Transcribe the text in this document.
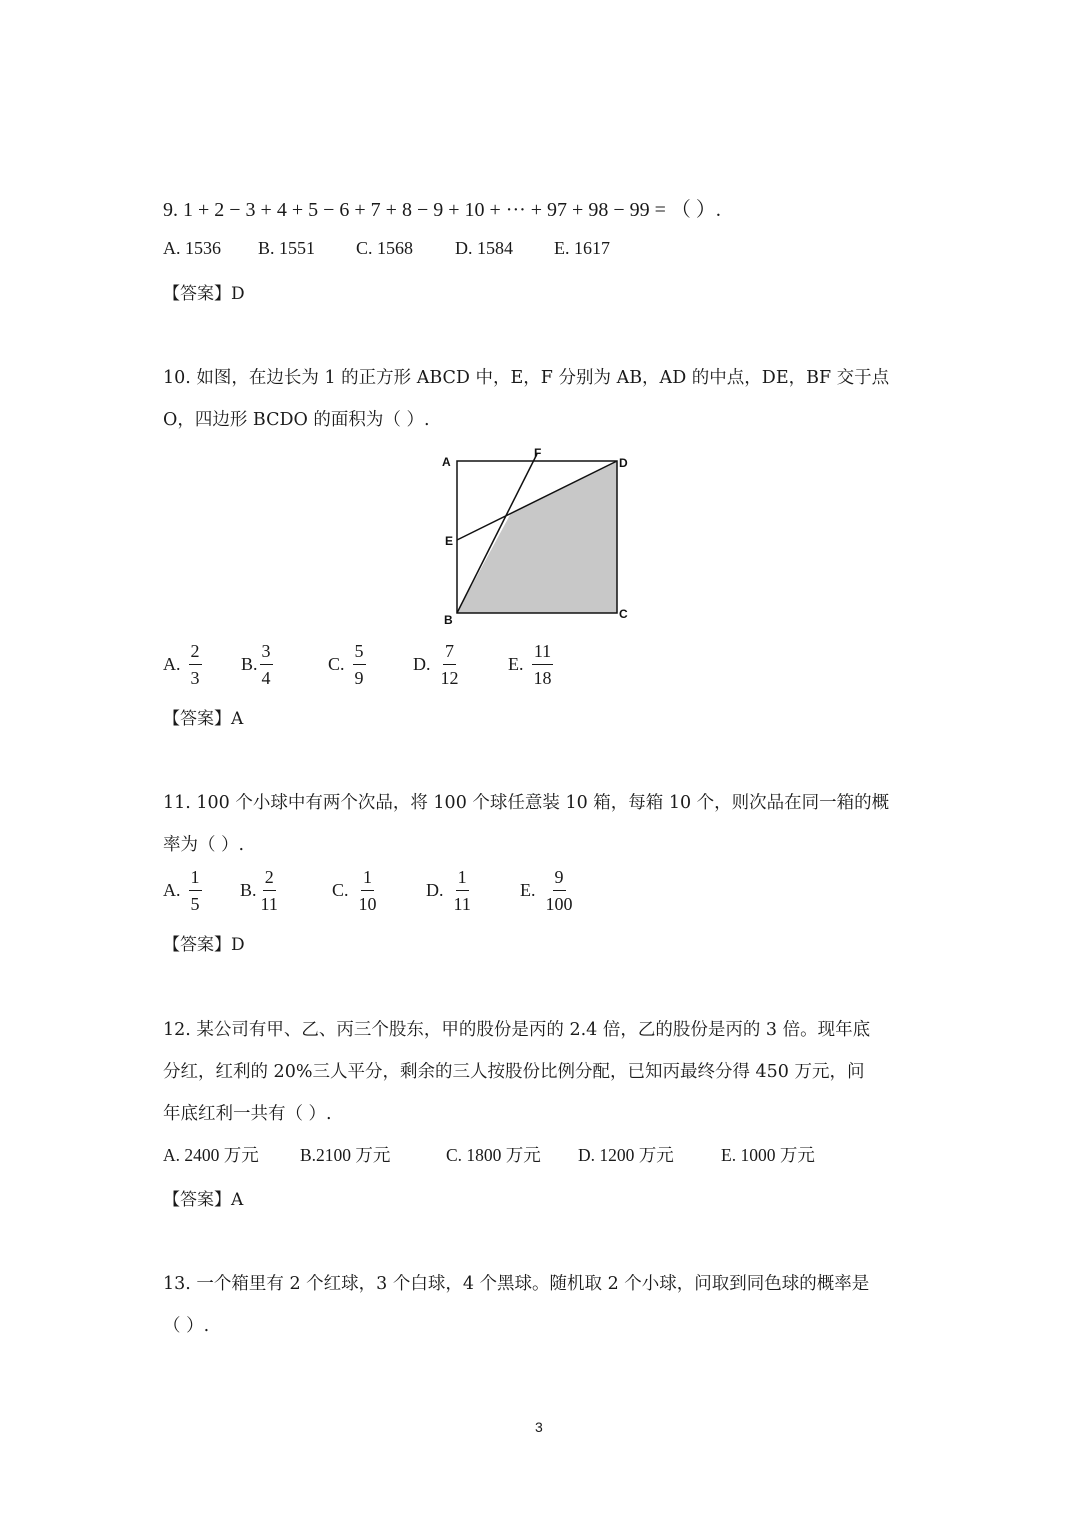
9. 1 + 2 − 3 + 4 + 5 − 6 + 7 + 8 − 9 + 10 + ··· + 97 + 98 − 99 = （ ）.
A. 1536 B. 1551 C. 1568 D. 1584 E. 1617
【答案】D
10. 如图，在边长为 1 的正方形 ABCD 中，E，F 分别为 AB，AD 的中点，DE，BF 交于点
O，四边形 BCDO 的面积为（ ）.
A
F
D
E
B	C
A. $\frac{2}{3} B$. $\frac{3}{4}$	C. $\frac{5}{9}$	D. $\frac{7}{12}$	E. $\frac{11}{18}$
【答案】A
11. 100 个小球中有两个次品，将 100 个球任意装 10 箱，每箱 10 个，则次品在同一箱的概
率为（ ）.
A. $\frac{1}{5} B$. $\frac{2}{11}$	C. $\frac{1}{10}$	D. $\frac{1}{11}$	E. $\frac{9}{100}$
【答案】D
12. 某公司有甲、乙、丙三个股东，甲的股份是丙的 2.4 倍，乙的股份是丙的 3 倍。现年底
分红，红利的 20%三人平分，剩余的三人按股份比例分配，已知丙最终分得 450 万元，问
年底红利一共有（ ）.
A. 2400 万元 B.2100 万元	C. 1800 万元 D. 1200 万元	E. 1000 万元
【答案】A
13. 一个箱里有 2 个红球，3 个白球，4 个黑球。随机取 2 个小球，问取到同色球的概率是
（ ）.
3
